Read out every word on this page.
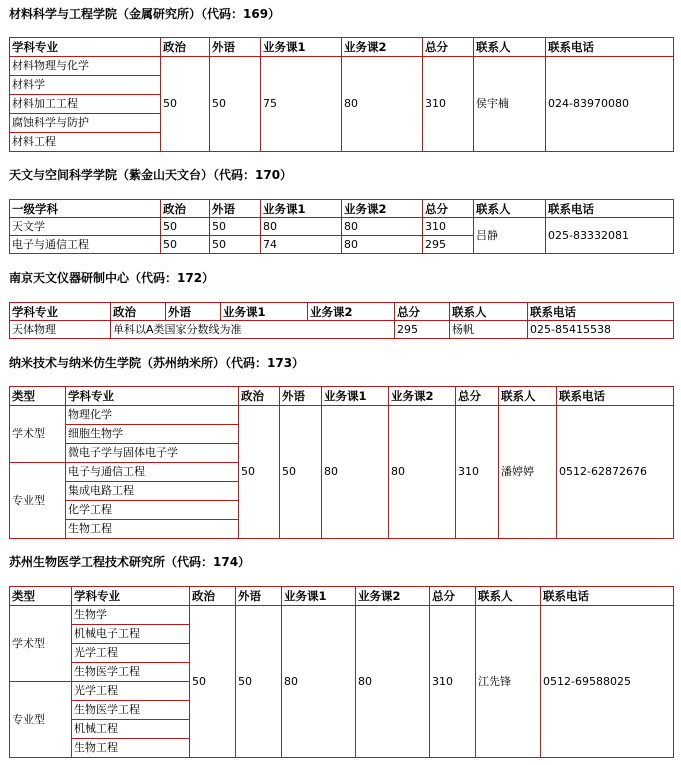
材料科学与工程学院（金属研究所）（代码：169）
学科专业	政治	外语	业务课1	业务课2	总分	联系人	联系电话
材料物理与化学	50	50	75	80	310	侯宇楠	024-83970080
材料学							
材料加工工程							
腐蚀科学与防护							
材料工程							
天文与空间科学学院（紫金山天文台）（代码：170）
一级学科	政治	外语	业务课1	业务课2	总分	联系人	联系电话
天文学	50	50	80	80	310	吕静	025-83332081
电子与通信工程	50	50	74	80	295		
南京天文仪器研制中心（代码：172）
学科专业	政治	外语	业务课1	业务课2	总分	联系人	联系电话
天体物理	单科以A类国家分数线为准				295	杨帆	025-85415538
纳米技术与纳米仿生学院（苏州纳米所）（代码：173）
类型	学科专业	政治	外语	业务课1	业务课2	总分	联系人	联系电话
学术型	物理化学	50	50	80	80	310	潘婷婷	0512-62872676
	细胞生物学							
	微电子学与固体电子学							
专业型	电子与通信工程							
	集成电路工程							
	化学工程							
	生物工程							
苏州生物医学工程技术研究所（代码：174）
类型	学科专业	政治	外语	业务课1	业务课2	总分	联系人	联系电话
学术型	生物学	50	50	80	80	310	江先锋	0512-69588025
	机械电子工程							
	光学工程							
	生物医学工程							
专业型	光学工程							
	生物医学工程							
	机械工程							
	生物工程							
